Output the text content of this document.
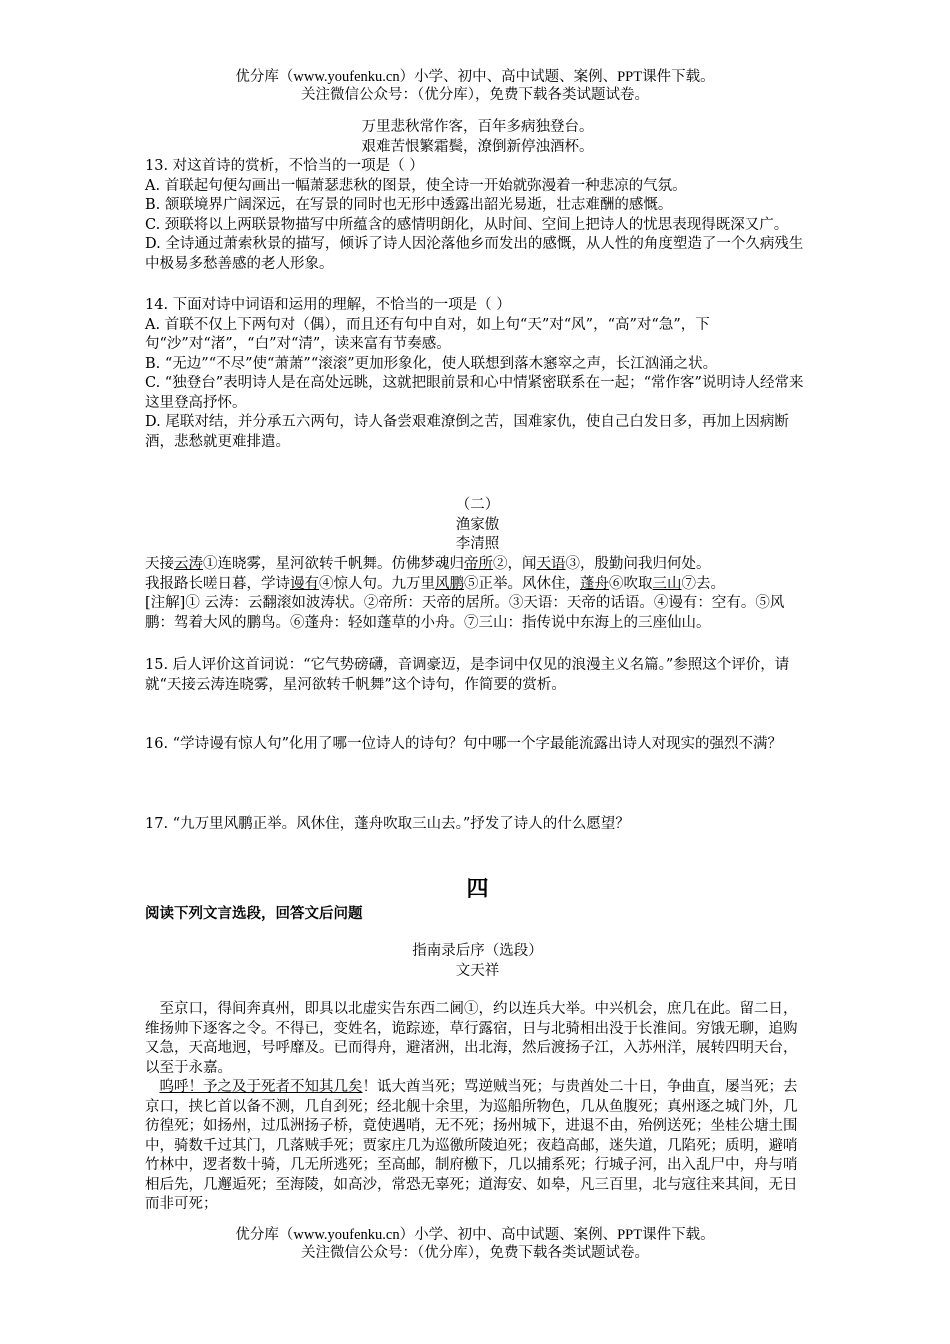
优分库（www.youfenku.cn）小学、初中、高中试题、案例、PPT课件下载。
关注微信公众号：（优分库），免费下载各类试题试卷。
万里悲秋常作客，百年多病独登台。
艰难苦恨繁霜鬓，潦倒新停浊酒杯。

13. 对这首诗的赏析，不恰当的一项是（ ）

A. 首联起句便勾画出一幅萧瑟悲秋的图景，使全诗一开始就弥漫着一种悲凉的气氛。

B. 颔联境界广阔深远，在写景的同时也无形中透露出韶光易逝，壮志难酬的感慨。

C. 颈联将以上两联景物描写中所蕴含的感情明朗化，从时间、空间上把诗人的忧思表现得既深又广。

D. 全诗通过萧索秋景的描写，倾诉了诗人因沦落他乡而发出的感慨，从人性的角度塑造了一个久病残生中极易多愁善感的老人形象。

14. 下面对诗中词语和运用的理解，不恰当的一项是（ ）

A. 首联不仅上下两句对（偶），而且还有句中自对，如上句“天”对“风”，“高”对“急”，下句“沙”对“渚”，“白”对“清”，读来富有节奏感。

B. “无边”“不尽”使“萧萧”“滚滚”更加形象化，使人联想到落木窸窣之声，长江汹涌之状。

C. “独登台”表明诗人是在高处远眺，这就把眼前景和心中情紧密联系在一起；“常作客”说明诗人经常来这里登高抒怀。

D. 尾联对结，并分承五六两句，诗人备尝艰难潦倒之苦，国难家仇，使自己白发日多，再加上因病断酒，悲愁就更难排遣。

（二）
渔家傲
李清照
天接云涛①连晓雾，星河欲转千帆舞。仿佛梦魂归帝所②，闻天语③，殷勤问我归何处。
我报路长嗟日暮，学诗谩有④惊人句。九万里风鹏⑤正举。风休住，蓬舟⑥吹取三山⑦去。

[注解]① 云涛：云翻滚如波涛状。②帝所：天帝的居所。③天语：天帝的话语。④谩有：空有。⑤风鹏：驾着大风的鹏鸟。⑥蓬舟：轻如蓬草的小舟。⑦三山：指传说中东海上的三座仙山。

15. 后人评价这首词说：“它气势磅礴，音调豪迈，是李词中仅见的浪漫主义名篇。”参照这个评价，请就“天接云涛连晓雾，星河欲转千帆舞”这个诗句，作简要的赏析。

16. “学诗谩有惊人句”化用了哪一位诗人的诗句？句中哪一个字最能流露出诗人对现实的强烈不满？

17. “九万里风鹏正举。风休住，蓬舟吹取三山去。”抒发了诗人的什么愿望？

四
阅读下列文言选段，回答文后问题
指南录后序（选段）
文天祥

至京口，得间奔真州，即具以北虚实告东西二阃①，约以连兵大举。中兴机会，庶几在此。留二日，维扬帅下逐客之令。不得已，变姓名，诡踪迹，草行露宿，日与北骑相出没于长淮间。穷饿无聊，追购又急，天高地迥，号呼靡及。已而得舟，避渚洲，出北海，然后渡扬子江，入苏州洋，展转四明天台，以至于永嘉。

呜呼！予之及于死者不知其几矣！诋大酋当死；骂逆贼当死；与贵酋处二十日，争曲直，屡当死；去京口，挟匕首以备不测，几自刭死；经北舰十余里，为巡船所物色，几从鱼腹死；真州逐之城门外，几彷徨死；如扬州，过瓜洲扬子桥，竟使遇哨，无不死；扬州城下，进退不由，殆例送死；坐桂公塘土围中，骑数千过其门，几落贼手死；贾家庄几为巡徼所陵迫死；夜趋高邮，迷失道，几陷死；质明，避哨竹林中，逻者数十骑，几无所逃死；至高邮，制府檄下，几以捕系死；行城子河，出入乱尸中，舟与哨相后先，几邂逅死；至海陵，如高沙，常恐无辜死；道海安、如皋，凡三百里，北与寇往来其间，无日而非可死；

优分库（www.youfenku.cn）小学、初中、高中试题、案例、PPT课件下载。
关注微信公众号：（优分库），免费下载各类试题试卷。
